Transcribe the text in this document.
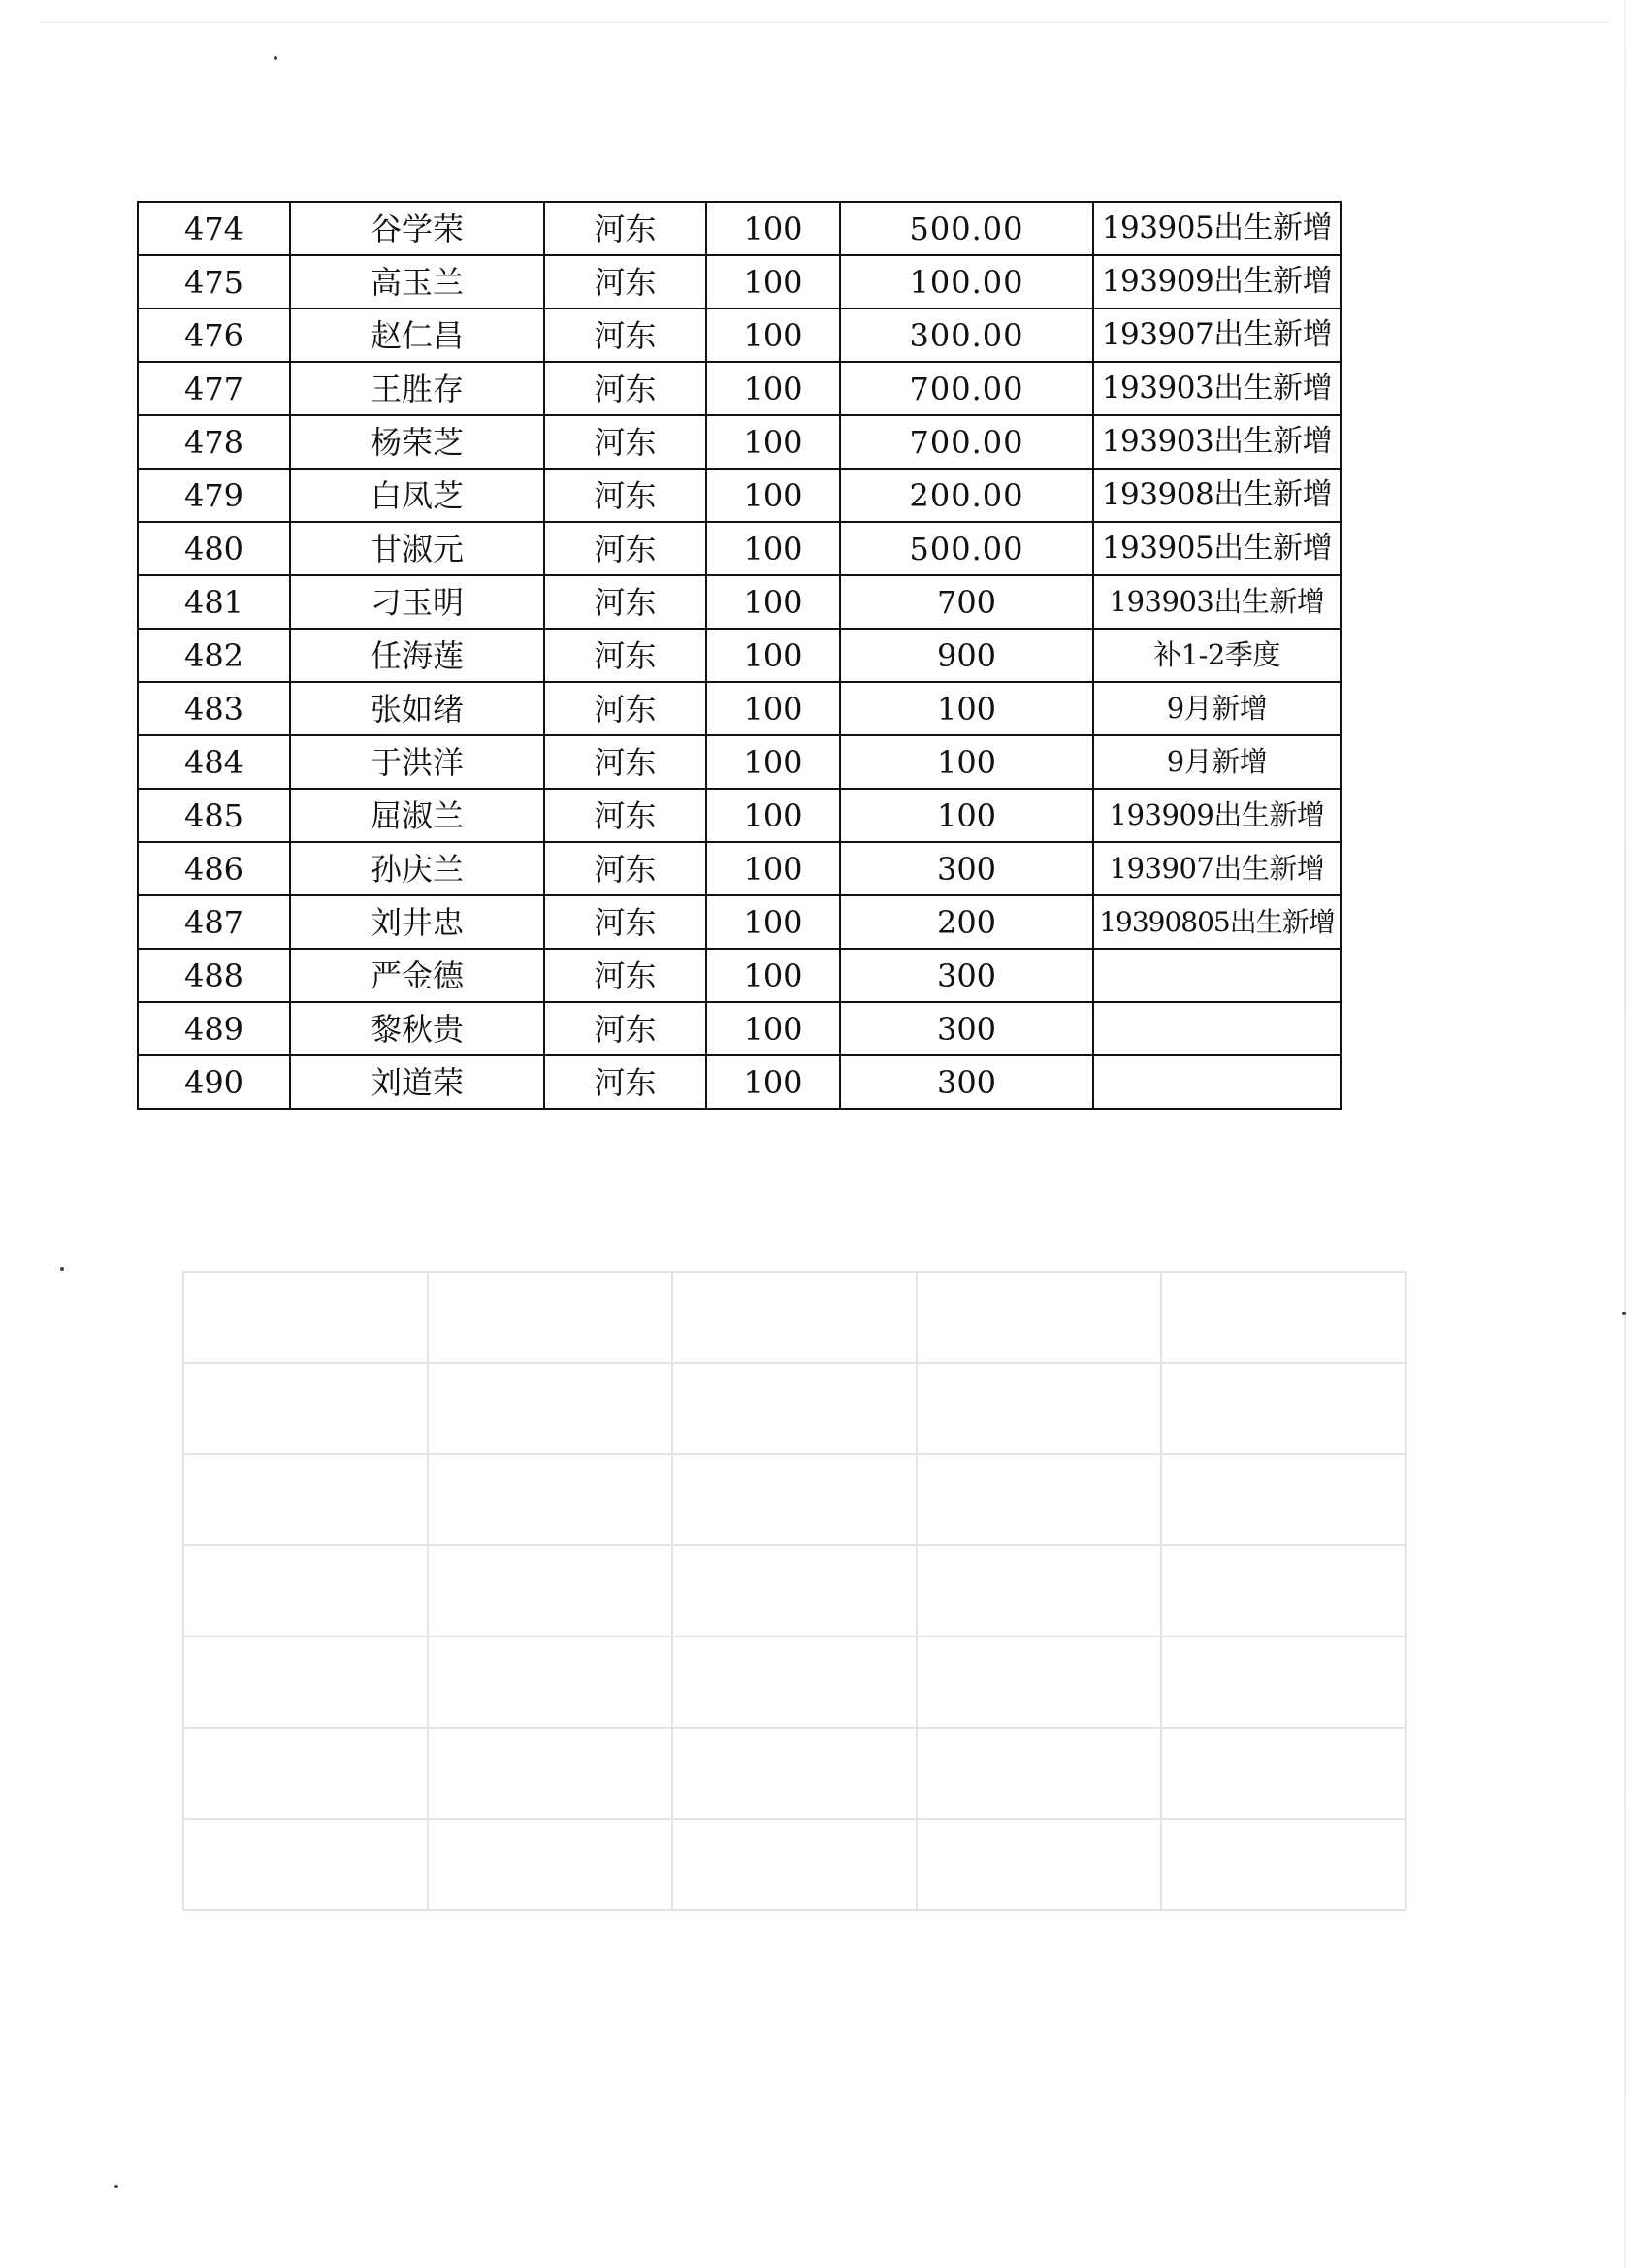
474	谷学荣	河东	100	500.00	193905出生新增
475	高玉兰	河东	100	100.00	193909出生新增
476	赵仁昌	河东	100	300.00	193907出生新增
477	王胜存	河东	100	700.00	193903出生新增
478	杨荣芝	河东	100	700.00	193903出生新增
479	白凤芝	河东	100	200.00	193908出生新增
480	甘淑元	河东	100	500.00	193905出生新增
481	刁玉明	河东	100	700	193903出生新增
482	任海莲	河东	100	900	补1-2季度
483	张如绪	河东	100	100	9月新增
484	于洪洋	河东	100	100	9月新增
485	屈淑兰	河东	100	100	193909出生新增
486	孙庆兰	河东	100	300	193907出生新增
487	刘井忠	河东	100	200	19390805出生新增
488	严金德	河东	100	300	
489	黎秋贵	河东	100	300	
490	刘道荣	河东	100	300	
